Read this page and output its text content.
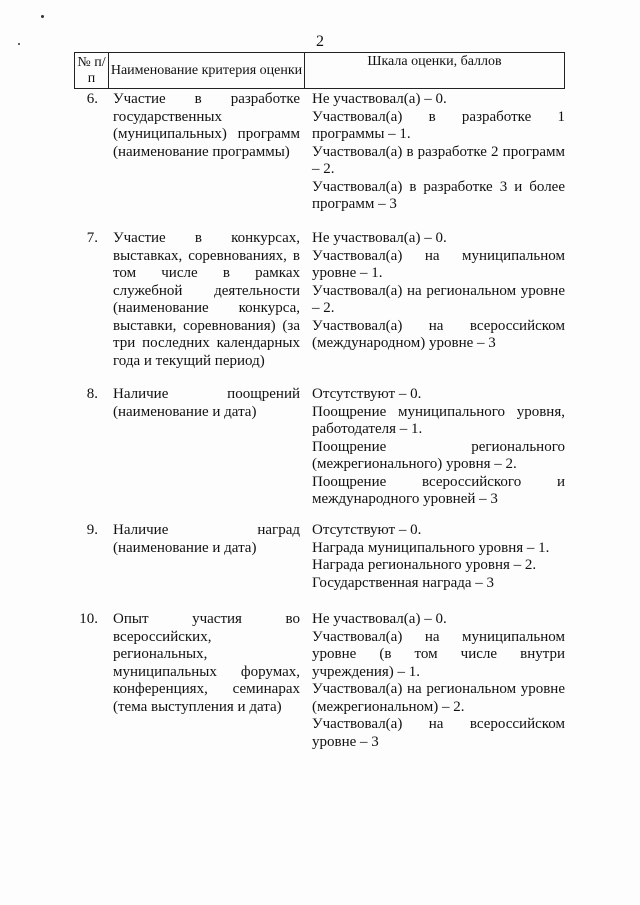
2
№ п/п
Наименование критерия оценки
Шкала оценки, баллов
6. Участие в разработке государственных (муниципальных) программ (наименование программы)
Не участвовал(а) – 0.
Участвовал(а) в разработке 1 программы – 1.
Участвовал(а) в разработке 2 программ – 2.
Участвовал(а) в разработке 3 и более программ – 3
7. Участие в конкурсах, выставках, соревнованиях, в том числе в рамках служебной деятельности (наименование конкурса, выставки, соревнования) (за три последних календарных года и текущий период)
Не участвовал(а) – 0.
Участвовал(а) на муниципальном уровне – 1.
Участвовал(а) на региональном уровне – 2.
Участвовал(а) на всероссийском (международном) уровне – 3
8. Наличие поощрений (наименование и дата)
Отсутствуют – 0.
Поощрение муниципального уровня, работодателя – 1.
Поощрение регионального (межрегионального) уровня – 2.
Поощрение всероссийского и международного уровней – 3
9. Наличие наград (наименование и дата)
Отсутствуют – 0.
Награда муниципального уровня – 1.
Награда регионального уровня – 2.
Государственная награда – 3
10. Опыт участия во всероссийских, региональных, муниципальных форумах, конференциях, семинарах (тема выступления и дата)
Не участвовал(а) – 0.
Участвовал(а) на муниципальном уровне (в том числе внутри учреждения) – 1.
Участвовал(а) на региональном уровне (межрегиональном) – 2.
Участвовал(а) на всероссийском уровне – 3
